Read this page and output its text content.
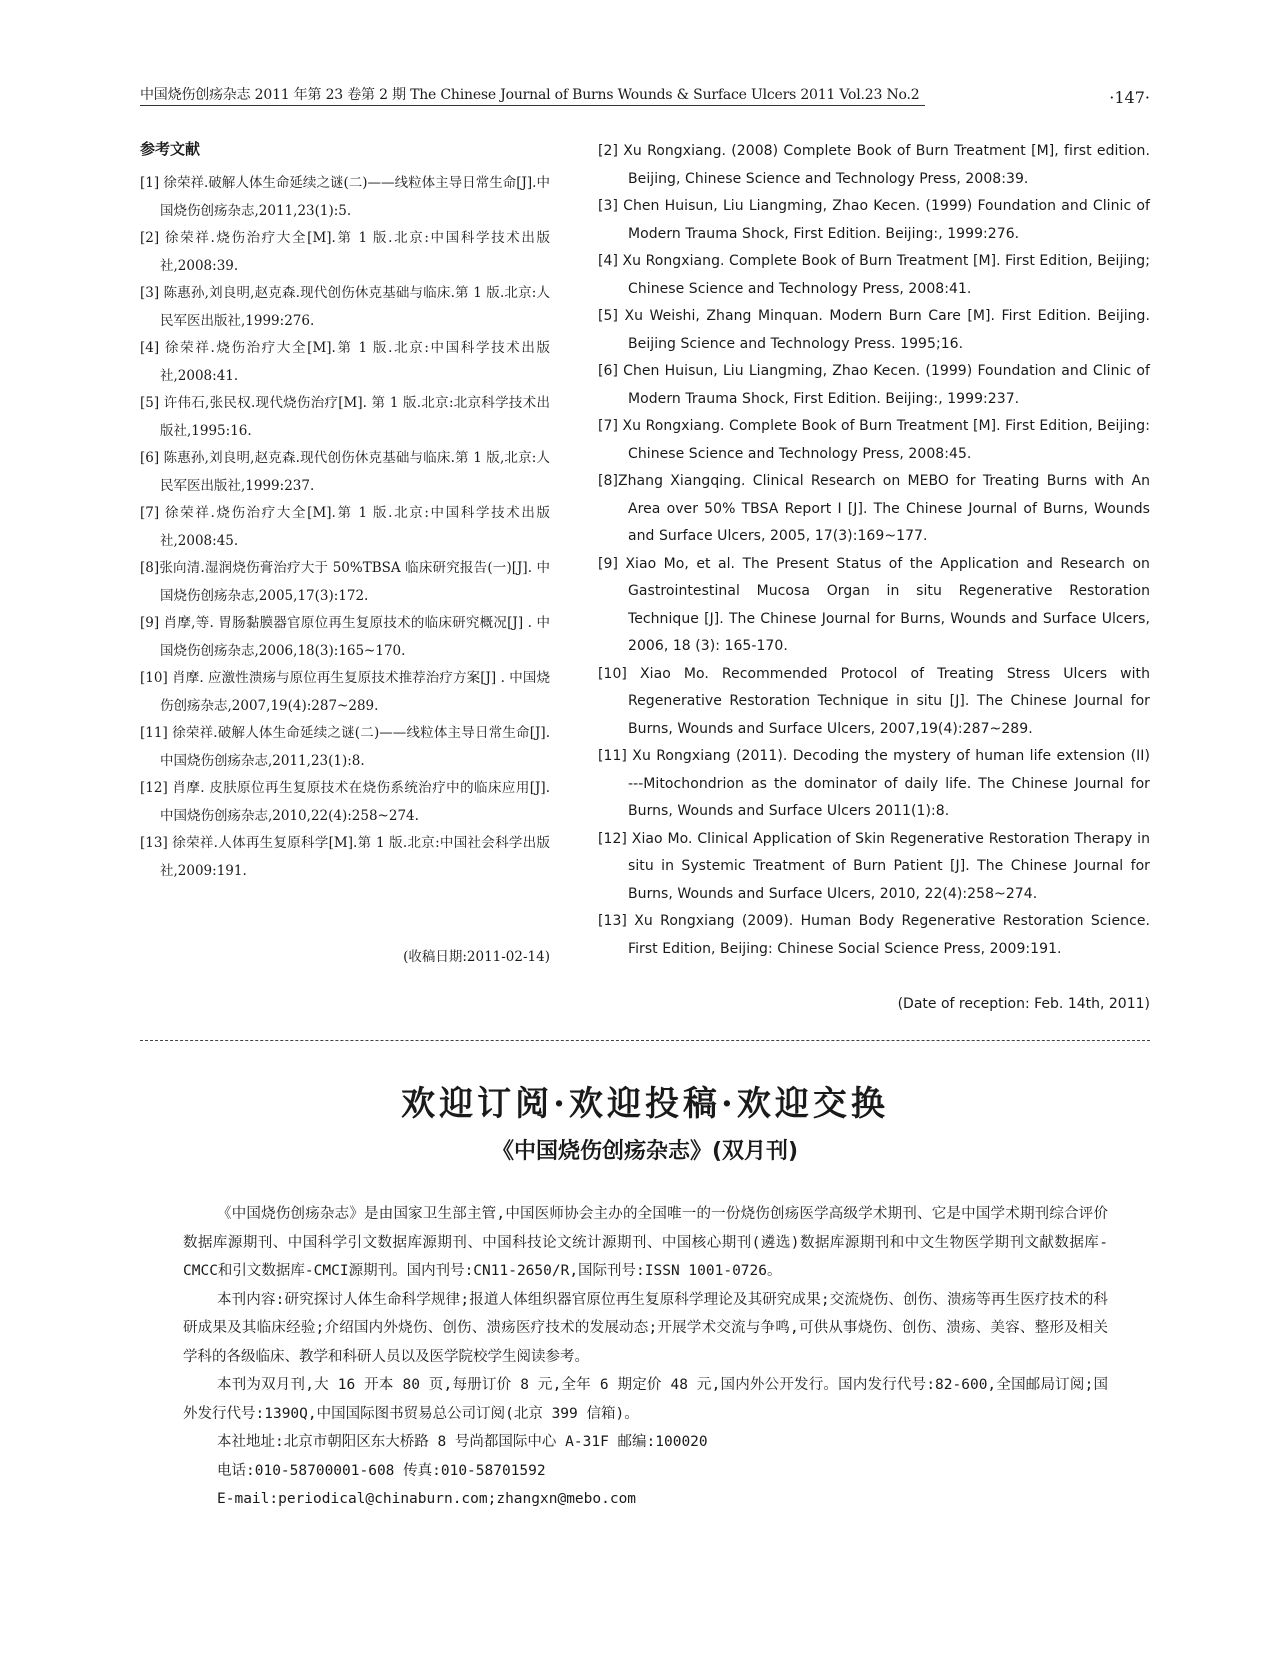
中国烧伤创疡杂志 2011 年第 23 卷第 2 期 The Chinese Journal of Burns Wounds & Surface Ulcers 2011 Vol.23 No.2	·147·
参考文献

[1] 徐荣祥.破解人体生命延续之谜(二)——线粒体主导日常生命[J].中国烧伤创疡杂志,2011,23(1):5.

[2] 徐荣祥.烧伤治疗大全[M].第 1 版.北京:中国科学技术出版社,2008:39.

[3] 陈惠孙,刘良明,赵克森.现代创伤休克基础与临床.第 1 版.北京:人民军医出版社,1999:276.

[4] 徐荣祥.烧伤治疗大全[M].第 1 版.北京:中国科学技术出版社,2008:41.

[5] 许伟石,张民权.现代烧伤治疗[M]. 第 1 版.北京:北京科学技术出版社,1995:16.

[6] 陈惠孙,刘良明,赵克森.现代创伤休克基础与临床.第 1 版,北京:人民军医出版社,1999:237.

[7] 徐荣祥.烧伤治疗大全[M].第 1 版.北京:中国科学技术出版社,2008:45.

[8]张向清.湿润烧伤膏治疗大于 50%TBSA 临床研究报告(一)[J]. 中国烧伤创疡杂志,2005,17(3):172.

[9] 肖摩,等. 胃肠黏膜器官原位再生复原技术的临床研究概况[J] . 中国烧伤创疡杂志,2006,18(3):165~170.

[10] 肖摩. 应激性溃疡与原位再生复原技术推荐治疗方案[J] . 中国烧伤创疡杂志,2007,19(4):287~289.

[11] 徐荣祥.破解人体生命延续之谜(二)——线粒体主导日常生命[J].中国烧伤创疡杂志,2011,23(1):8.

[12] 肖摩. 皮肤原位再生复原技术在烧伤系统治疗中的临床应用[J].中国烧伤创疡杂志,2010,22(4):258~274.

[13] 徐荣祥.人体再生复原科学[M].第 1 版.北京:中国社会科学出版社,2009:191.

(收稿日期:2011-02-14)

[2] Xu Rongxiang. (2008) Complete Book of Burn Treatment [M], first edition. Beijing, Chinese Science and Technology Press, 2008:39.

[3] Chen Huisun, Liu Liangming, Zhao Kecen. (1999) Foundation and Clinic of Modern Trauma Shock, First Edition. Beijing:, 1999:276.

[4] Xu Rongxiang. Complete Book of Burn Treatment [M]. First Edition, Beijing; Chinese Science and Technology Press, 2008:41.

[5] Xu Weishi, Zhang Minquan. Modern Burn Care [M]. First Edition. Beijing. Beijing Science and Technology Press. 1995;16.

[6] Chen Huisun, Liu Liangming, Zhao Kecen. (1999) Foundation and Clinic of Modern Trauma Shock, First Edition. Beijing:, 1999:237.

[7] Xu Rongxiang. Complete Book of Burn Treatment [M]. First Edition, Beijing: Chinese Science and Technology Press, 2008:45.

[8]Zhang Xiangqing. Clinical Research on MEBO for Treating Burns with An Area over 50% TBSA Report I [J]. The Chinese Journal of Burns, Wounds and Surface Ulcers, 2005, 17(3):169~177.

[9] Xiao Mo, et al. The Present Status of the Application and Research on Gastrointestinal Mucosa Organ in situ Regenerative Restoration Technique [J]. The Chinese Journal for Burns, Wounds and Surface Ulcers, 2006, 18 (3): 165-170.

[10] Xiao Mo. Recommended Protocol of Treating Stress Ulcers with Regenerative Restoration Technique in situ [J]. The Chinese Journal for Burns, Wounds and Surface Ulcers, 2007,19(4):287~289.

[11] Xu Rongxiang (2011). Decoding the mystery of human life extension (II) ---Mitochondrion as the dominator of daily life. The Chinese Journal for Burns, Wounds and Surface Ulcers 2011(1):8.

[12] Xiao Mo. Clinical Application of Skin Regenerative Restoration Therapy in situ in Systemic Treatment of Burn Patient [J]. The Chinese Journal for Burns, Wounds and Surface Ulcers, 2010, 22(4):258~274.

[13] Xu Rongxiang (2009). Human Body Regenerative Restoration Science. First Edition, Beijing: Chinese Social Science Press, 2009:191.

(Date of reception: Feb. 14th, 2011)
欢迎订阅·欢迎投稿·欢迎交换
《中国烧伤创疡杂志》(双月刊)

《中国烧伤创疡杂志》是由国家卫生部主管,中国医师协会主办的全国唯一的一份烧伤创疡医学高级学术期刊、它是中国学术期刊综合评价数据库源期刊、中国科学引文数据库源期刊、中国科技论文统计源期刊、中国核心期刊(遴选)数据库源期刊和中文生物医学期刊文献数据库-CMCC和引文数据库-CMCI源期刊。国内刊号:CN11-2650/R,国际刊号:ISSN 1001-0726。

本刊内容:研究探讨人体生命科学规律;报道人体组织器官原位再生复原科学理论及其研究成果;交流烧伤、创伤、溃疡等再生医疗技术的科研成果及其临床经验;介绍国内外烧伤、创伤、溃疡医疗技术的发展动态;开展学术交流与争鸣,可供从事烧伤、创伤、溃疡、美容、整形及相关学科的各级临床、教学和科研人员以及医学院校学生阅读参考。

本刊为双月刊,大 16 开本 80 页,每册订价 8 元,全年 6 期定价 48 元,国内外公开发行。国内发行代号:82-600,全国邮局订阅;国外发行代号:1390Q,中国国际图书贸易总公司订阅(北京 399 信箱)。

本社地址:北京市朝阳区东大桥路 8 号尚都国际中心 A-31F 邮编:100020

电话:010-58700001-608 传真:010-58701592

E-mail:periodical@chinaburn.com;zhangxn@mebo.com
